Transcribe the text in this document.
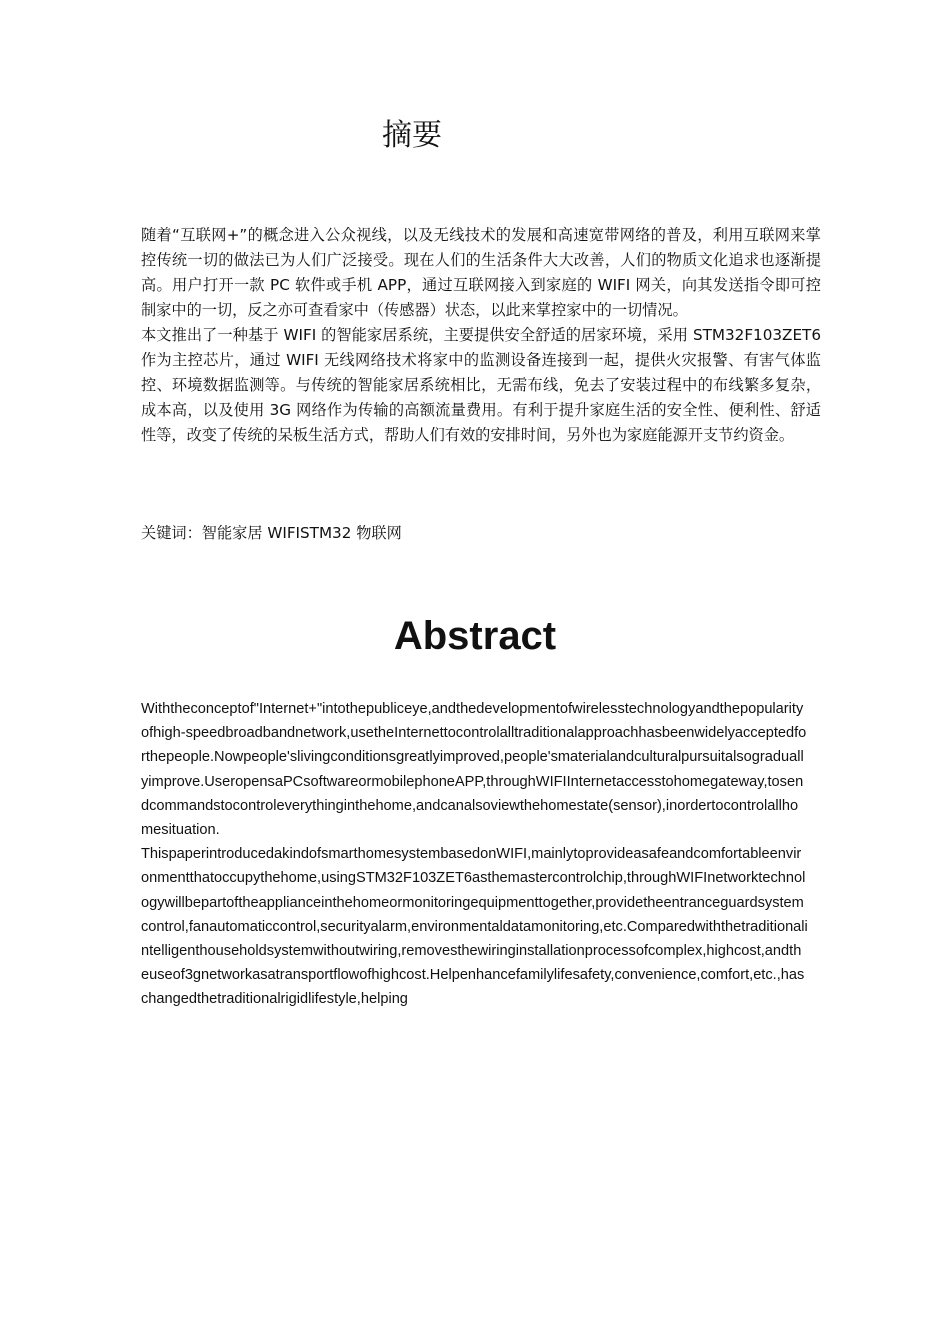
摘要

随着“互联网+”的概念进入公众视线，以及无线技术的发展和高速宽带网络的普及，利用互联网来掌控传统一切的做法已为人们广泛接受。现在人们的生活条件大大改善，人们的物质文化追求也逐渐提高。用户打开一款 PC 软件或手机 APP，通过互联网接入到家庭的 WIFI 网关，向其发送指令即可控制家中的一切，反之亦可查看家中（传感器）状态，以此来掌控家中的一切情况。

本文推出了一种基于 WIFI 的智能家居系统，主要提供安全舒适的居家环境，采用 STM32F103ZET6 作为主控芯片，通过 WIFI 无线网络技术将家中的监测设备连接到一起，提供火灾报警、有害气体监控、环境数据监测等。与传统的智能家居系统相比，无需布线，免去了安装过程中的布线繁多复杂，成本高，以及使用 3G 网络作为传输的高额流量费用。有利于提升家庭生活的安全性、便利性、舒适性等，改变了传统的呆板生活方式，帮助人们有效的安排时间，另外也为家庭能源开支节约资金。

关键词：智能家居 WIFISTM32 物联网

Abstract

Withtheconceptof"Internet+"intothepubliceye,andthedevelopmentofwirelesstechnologyandthepopularityofhigh-speedbroadbandnetwork,usetheInternettocontrolalltraditionalapproachhasbeenwidelyacceptedforthepeople.Nowpeople'slivingconditionsgreatlyimproved,people'smaterialandculturalpursuitalsograduallyimprove.UseropensaPCsoftwareormobilephoneAPP,throughWIFIInternetaccesstohomegateway,tosendcommandstocontroleverythinginthehome,andcanalsoviewthehomestate(sensor),inordertocontrolallhomesituation.

ThispaperintroducedakindofsmarthomesystembasedonWIFI,mainlytoprovideasafeandcomfortableenvironmentthatoccupythehome,usingSTM32F103ZET6asthemastercontrolchip,throughWIFInetworktechnologywillbepartoftheapplianceinthehomeormonitoringequipmenttogether,providetheentranceguardsystemcontrol,fanautomaticcontrol,securityalarm,environmentaldatamonitoring,etc.Comparedwiththetraditionalintelligenthouseholdsystemwithoutwiring,removesthewiringinstallationprocessofcomplex,highcost,andtheuseof3gnetworkasatransportflowofhighcost.Helpenhancefamilylifesafety,convenience,comfort,etc.,haschangedthetraditionalrigidlifestyle,helping
